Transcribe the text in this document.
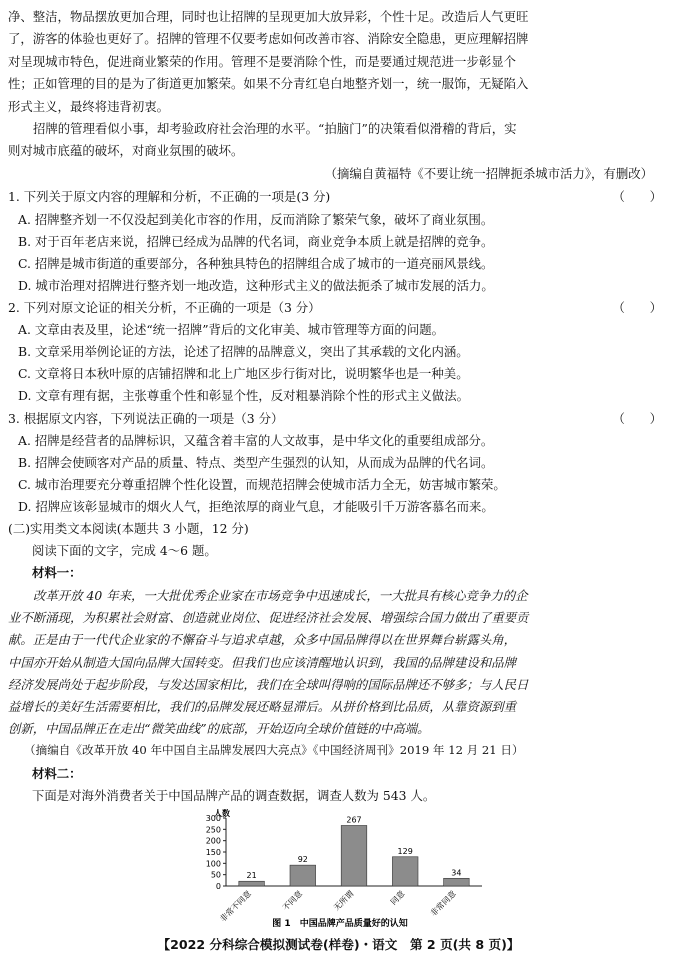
净、整洁，物品摆放更加合理，同时也让招牌的呈现更加大放异彩，个性十足。改造后人气更旺
了，游客的体验也更好了。招牌的管理不仅要考虑如何改善市容、消除安全隐患，更应理解招牌
对呈现城市特色，促进商业繁荣的作用。管理不是要消除个性，而是要通过规范进一步彰显个
性；正如管理的目的是为了街道更加繁荣。如果不分青红皂白地整齐划一，统一服饰，无疑陷入
形式主义，最终将违背初衷。
招牌的管理看似小事，却考验政府社会治理的水平。“拍脑门”的决策看似滑稽的背后，实
则对城市底蕴的破坏，对商业氛围的破坏。
（摘编自黄福特《不要让统一招牌扼杀城市活力》，有删改）
1. 下列关于原文内容的理解和分析，不正确的一项是(3 分)	（　　）
A. 招牌整齐划一不仅没起到美化市容的作用，反而消除了繁荣气象，破坏了商业氛围。
B. 对于百年老店来说，招牌已经成为品牌的代名词，商业竞争本质上就是招牌的竞争。
C. 招牌是城市街道的重要部分，各种独具特色的招牌组合成了城市的一道亮丽风景线。
D. 城市治理对招牌进行整齐划一地改造，这种形式主义的做法扼杀了城市发展的活力。
2. 下列对原文论证的相关分析，不正确的一项是（3 分）	（　　）
A. 文章由表及里，论述“统一招牌”背后的文化审美、城市管理等方面的问题。
B. 文章采用举例论证的方法，论述了招牌的品牌意义，突出了其承载的文化内涵。
C. 文章将日本秋叶原的店铺招牌和北上广地区步行街对比，说明繁华也是一种美。
D. 文章有理有据，主张尊重个性和彰显个性，反对粗暴消除个性的形式主义做法。
3. 根据原文内容，下列说法正确的一项是（3 分）	（　　）
A. 招牌是经营者的品牌标识，又蕴含着丰富的人文故事，是中华文化的重要组成部分。
B. 招牌会使顾客对产品的质量、特点、类型产生强烈的认知，从而成为品牌的代名词。
C. 城市治理要充分尊重招牌个性化设置，而规范招牌会使城市活力全无，妨害城市繁荣。
D. 招牌应该彰显城市的烟火人气，拒绝浓厚的商业气息，才能吸引千万游客慕名而来。
(二)实用类文本阅读(本题共 3 小题，12 分)
阅读下面的文字，完成 4～6 题。
材料一：
改革开放 40 年来，一大批优秀企业家在市场竞争中迅速成长，一大批具有核心竞争力的企
业不断涌现，为积累社会财富、创造就业岗位、促进经济社会发展、增强综合国力做出了重要贡
献。正是由于一代代企业家的不懈奋斗与追求卓越，众多中国品牌得以在世界舞台崭露头角，
中国亦开始从制造大国向品牌大国转变。但我们也应该清醒地认识到，我国的品牌建设和品牌
经济发展尚处于起步阶段，与发达国家相比，我们在全球叫得响的国际品牌还不够多；与人民日
益增长的美好生活需要相比，我们的品牌发展还略显滞后。从拼价格到比品质，从靠资源到重
创新，中国品牌正在走出“微笑曲线”的底部，开始迈向全球价值链的中高端。
（摘编自《改革开放 40 年中国自主品牌发展四大亮点》《中国经济周刊》2019 年 12 月 21 日）
材料二：
下面是对海外消费者关于中国品牌产品的调查数据，调查人数为 543 人。
人数
0
50
100
150
200
250
300
21
非常不同意
92
不同意
267
无所谓
129
同意
34
非常同意
图 1　中国品牌产品质量好的认知
【2022 分科综合模拟测试卷(样卷)・语文　第 2 页(共 8 页)】
